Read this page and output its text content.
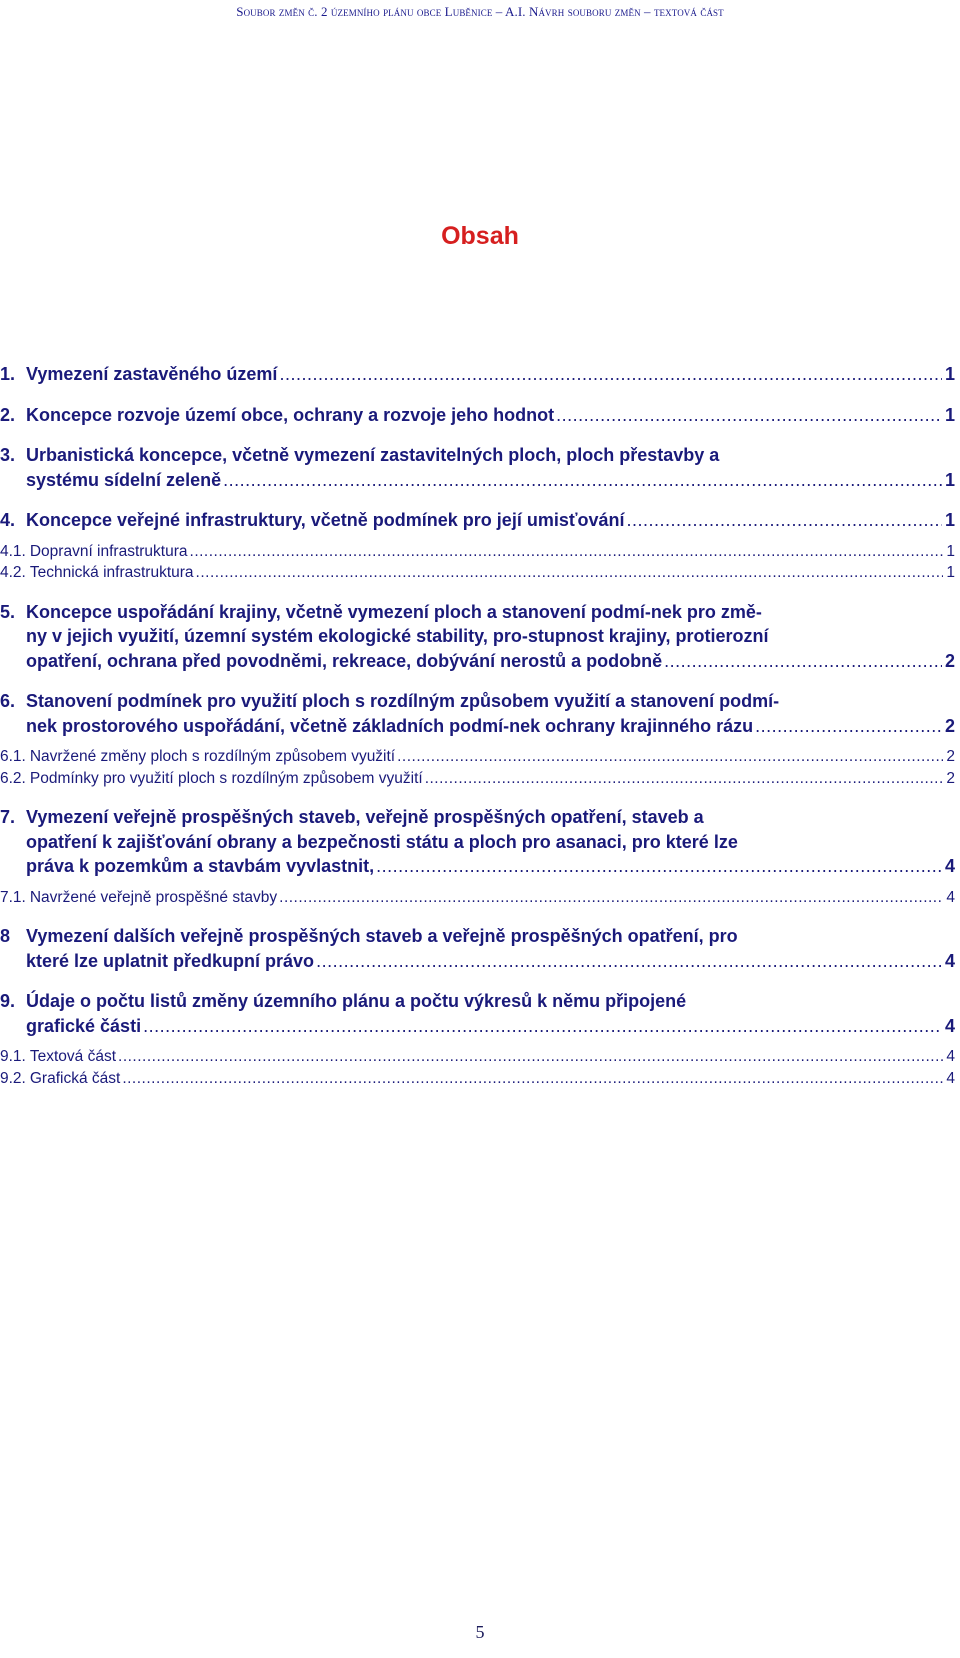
Soubor změn č. 2 územního plánu obce Luběnice – A.I. Návrh souboru změn – textová část
Obsah
1. Vymezení zastavěného území .....	1
2. Koncepce rozvoje území obce, ochrany a rozvoje jeho hodnot .....	1
3. Urbanistická koncepce, včetně vymezení zastavitelných ploch, ploch přestavby a
systému sídelní zeleně .....	1
4. Koncepce veřejné infrastruktury, včetně podmínek pro její umisťování .....	1
4.1. Dopravní infrastruktura .....	1
4.2. Technická infrastruktura .....	1
5. Koncepce uspořádání krajiny, včetně vymezení ploch a stanovení podmí-nek pro změ-
ny v jejich využití, územní systém ekologické stability, pro-stupnost krajiny, protierozní
opatření, ochrana před povodněmi, rekreace, dobývání nerostů a podobně .....	2
6. Stanovení podmínek pro využití ploch s rozdílným způsobem využití a stanovení podmí-
nek prostorového uspořádání, včetně základních podmí-nek ochrany krajinného rázu .....	2
6.1. Navržené změny ploch s rozdílným způsobem využití .....	2
6.2. Podmínky pro využití ploch s rozdílným způsobem využití .....	2
7. Vymezení veřejně prospěšných staveb, veřejně prospěšných opatření, staveb a
opatření k zajišťování obrany a bezpečnosti státu a ploch pro asanaci, pro které lze
práva k pozemkům a stavbám vyvlastnit, .....	4
7.1. Navržené veřejně prospěšné stavby .....	4
8 Vymezení dalších veřejně prospěšných staveb a veřejně prospěšných opatření, pro
které lze uplatnit předkupní právo .....	4
9. Údaje o počtu listů změny územního plánu a počtu výkresů k němu připojené
grafické části .....	4
9.1. Textová část .....	4
9.2. Grafická část .....	4
5
